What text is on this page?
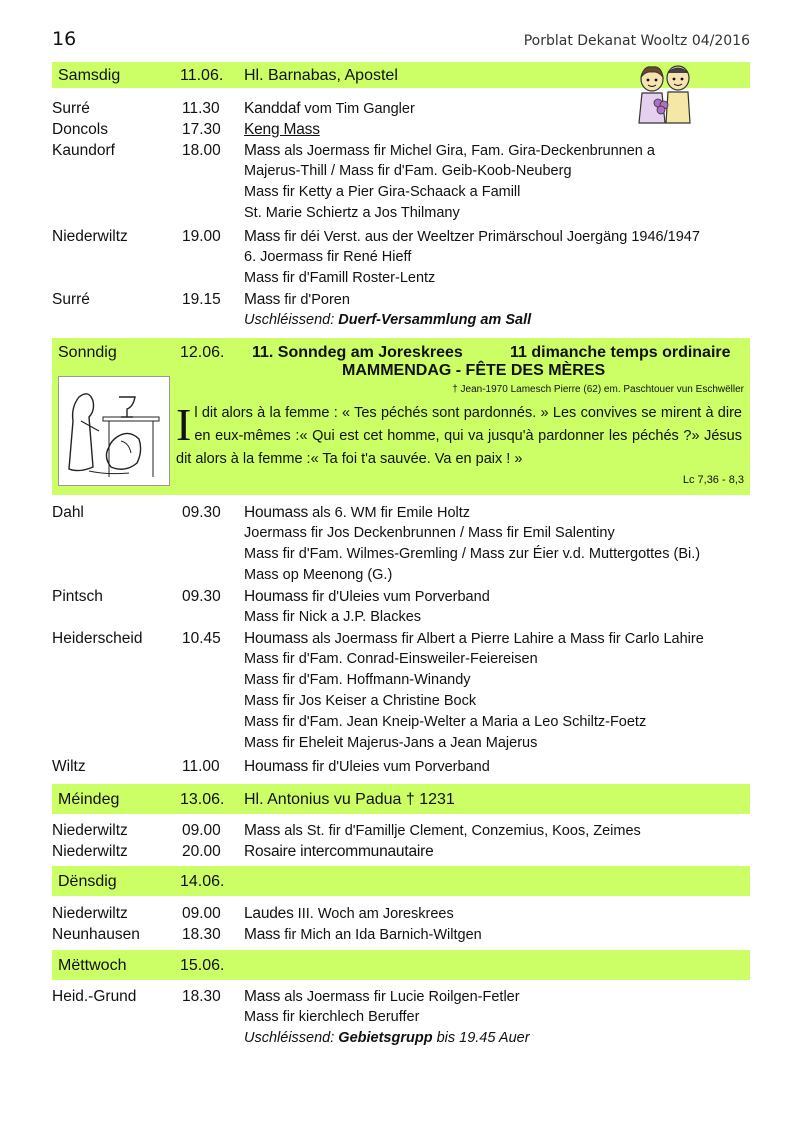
16	Porblat Dekanat Wooltz 04/2016
Samsdig	11.06. Hl. Barnabas, Apostel
Surré	11.30 Kanddaf vom Tim Gangler
Doncols	17.30 Keng Mass
Kaundorf	18.00 Mass als Joermass fir Michel Gira, Fam. Gira-Deckenbrunnen a
Majerus-Thill / Mass fir d'Fam. Geib-Koob-Neuberg
Mass fir Ketty a Pier Gira-Schaack a Famill
St. Marie Schiertz a Jos Thilmany
Niederwiltz	19.00 Mass fir déi Verst. aus der Weeltzer Primärschoul Joergäng 1946/1947
6. Joermass fir René Hieff
Mass fir d'Famill Roster-Lentz
Surré	19.15 Mass fir d'Poren
Uschléissend: Duerf-Versammlung am Sall
Sonndig	12.06. 11. Sonndeg am Joreskrees	11 dimanche temps ordinaire
MAMMENDAG - FÊTE DES MÈRES
† Jean-1970 Lamesch Pierre (62) em. Paschtouer vun Eschwëller
Il dit alors à la femme : « Tes péchés sont pardonnés. » Les convives se mirent à dire en eux-mêmes :« Qui est cet homme, qui va jusqu'à pardonner les péchés ?» Jésus dit alors à la femme :« Ta foi t'a sauvée. Va en paix ! »
Lc 7,36 - 8,3
Dahl	09.30 Houmass als 6. WM fir Emile Holtz
Joermass fir Jos Deckenbrunnen / Mass fir Emil Salentiny
Mass fir d'Fam. Wilmes-Gremling / Mass zur Éier v.d. Muttergottes (Bi.)
Mass op Meenong (G.)
Pintsch	09.30 Houmass fir d'Uleies vum Porverband
Mass fir Nick a J.P. Blackes
Heiderscheid	10.45 Houmass als Joermass fir Albert a Pierre Lahire a Mass fir Carlo Lahire
Mass fir d'Fam. Conrad-Einsweiler-Feiereisen
Mass fir d'Fam. Hoffmann-Winandy
Mass fir Jos Keiser a Christine Bock
Mass fir d'Fam. Jean Kneip-Welter a Maria a Leo Schiltz-Foetz
Mass fir Eheleit Majerus-Jans a Jean Majerus
Wiltz	11.00 Houmass fir d'Uleies vum Porverband
Méindeg	13.06. Hl. Antonius vu Padua † 1231
Niederwiltz	09.00 Mass als St. fir d'Famillje Clement, Conzemius, Koos, Zeimes
Niederwiltz	20.00 Rosaire intercommunautaire
Dënsdig	14.06.
Niederwiltz	09.00 Laudes III. Woch am Joreskrees
Neunhausen	18.30 Mass fir Mich an Ida Barnich-Wiltgen
Mëttwoch	15.06.
Heid.-Grund	18.30 Mass als Joermass fir Lucie Roilgen-Fetler
Mass fir kierchlech Beruffer
Uschléissend: Gebietsgrupp bis 19.45 Auer
